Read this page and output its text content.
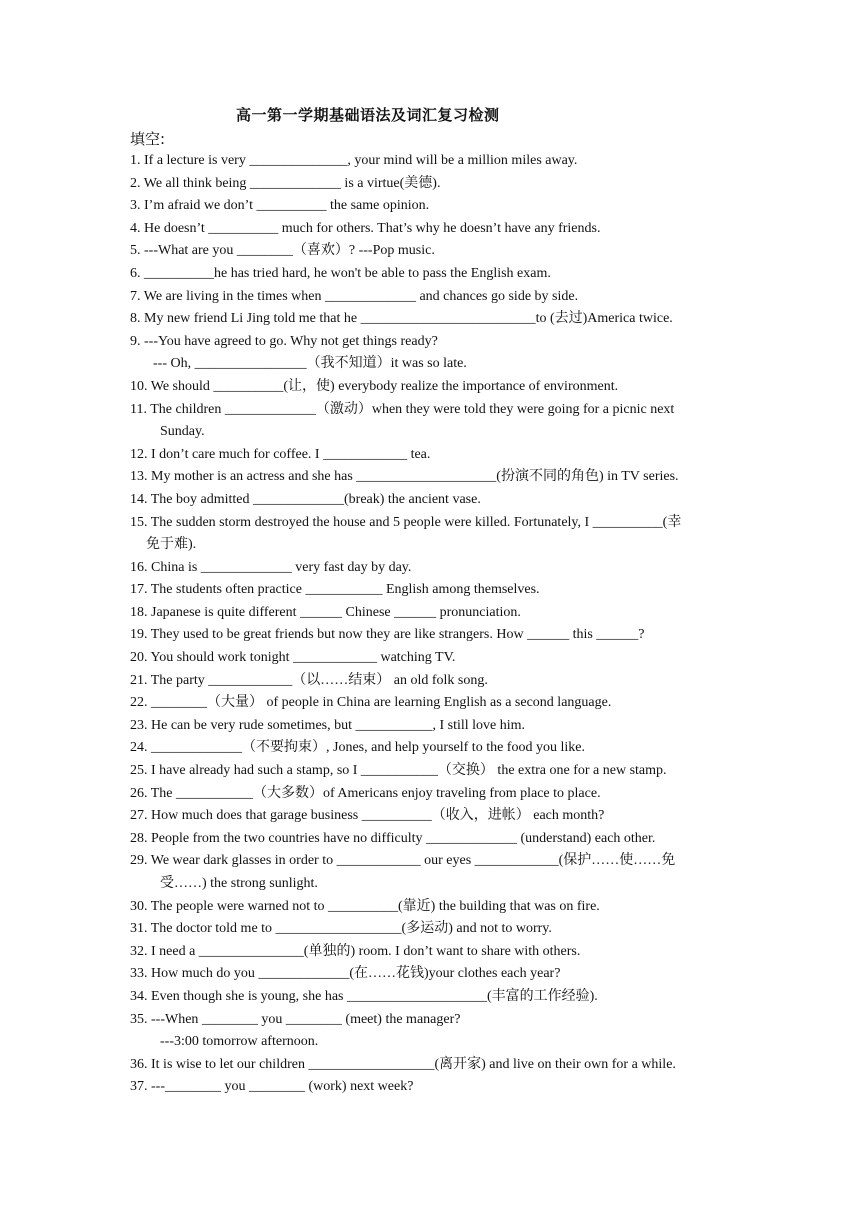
高一第一学期基础语法及词汇复习检测
填空:
1. If a lecture is very ______________, your mind will be a million miles away.
2. We all think being _____________ is a virtue(美德).
3. I’m afraid we don’t __________ the same opinion.
4. He doesn’t __________ much for others. That’s why he doesn’t have any friends.
5. ---What are you ________（喜欢）? ---Pop music.
6. __________he has tried hard, he won't be able to pass the English exam.
7. We are living in the times when _____________ and chances go side by side.
8. My new friend Li Jing told me that he _________________________to (去过)America twice.
9. ---You have agreed to go. Why not get things ready?
--- Oh, ________________（我不知道）it was so late.
10. We should __________(让，使) everybody realize the importance of environment.
11. The children _____________（激动）when they were told they were going for a picnic next
Sunday.
12. I don’t care much for coffee. I ____________ tea.
13. My mother is an actress and she has ____________________(扮演不同的角色) in TV series.
14. The boy admitted _____________(break) the ancient vase.
15. The sudden storm destroyed the house and 5 people were killed. Fortunately, I __________(幸
免于难).
16. China is _____________ very fast day by day.
17. The students often practice ___________ English among themselves.
18. Japanese is quite different ______ Chinese ______ pronunciation.
19. They used to be great friends but now they are like strangers. How ______ this ______?
20. You should work tonight ____________ watching TV.
21. The party ____________（以……结束） an old folk song.
22. ________（大量） of people in China are learning English as a second language.
23. He can be very rude sometimes, but ___________, I still love him.
24. _____________（不要拘束）, Jones, and help yourself to the food you like.
25. I have already had such a stamp, so I ___________（交换） the extra one for a new stamp.
26. The ___________（大多数）of Americans enjoy traveling from place to place.
27. How much does that garage business __________（收入，进帐） each month?
28. People from the two countries have no difficulty _____________ (understand) each other.
29. We wear dark glasses in order to ____________ our eyes ____________(保护……使……免
受……) the strong sunlight.
30. The people were warned not to __________(靠近) the building that was on fire.
31. The doctor told me to __________________(多运动) and not to worry.
32. I need a _______________(单独的) room. I don’t want to share with others.
33. How much do you _____________(在……花钱)your clothes each year?
34. Even though she is young, she has ____________________(丰富的工作经验).
35. ---When ________ you ________ (meet) the manager?
---3:00 tomorrow afternoon.
36. It is wise to let our children __________________(离开家) and live on their own for a while.
37. ---________ you ________ (work) next week?
